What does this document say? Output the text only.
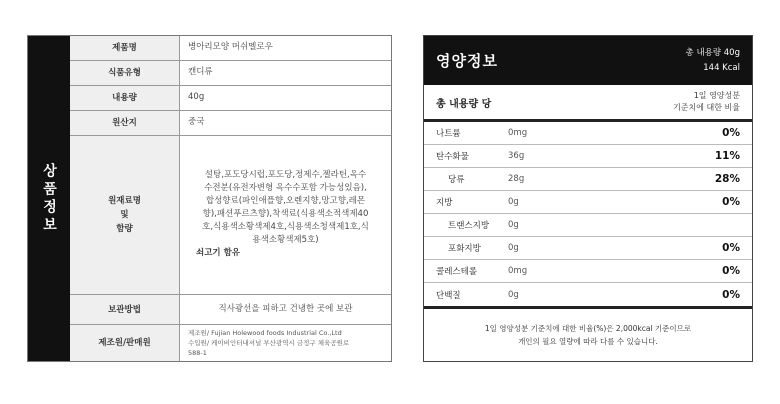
상품정보
제품명	병아리모양 머쉬멜로우
식품유형	캔디류
내용량	40g
원산지	중국
원재료명
및
함량
설탕,포도당시럽,포도당,정제수,젤라틴,옥수
수전분(유전자변형 옥수수포함 가능성있음),
합성향료(파인애플향,오렌지향,망고향,레몬
향),패션푸르츠향),착색료(식용색소적색제40
호,식용색소황색제4호,식용색소청색제1호,식
용색소황색제5호)
쇠고기 함유
보관방법	직사광선을 피하고 건냉한 곳에 보관
제조원/판매원
제조원/ Fujian Holewood foods Industrial Co.,Ltd
수입원/ 케이비인터내셔널 부산광역시 금정구 체육공원로
588-1
영양정보	총 내용량 40g
144 Kcal
총 내용량 당
1일 영양성분
기준치에 대한 비율
나트륨	0mg	0%
탄수화물	36g	11%
당류	28g	28%
지방	0g	0%
트랜스지방	0g
포화지방	0g	0%
콜레스테롤	0mg	0%
단백질	0g	0%
1일 영양성분 기준치에 대한 비율(%)은 2,000kcal 기준이므로
개인의 필요 열량에 따라 다를 수 있습니다.
